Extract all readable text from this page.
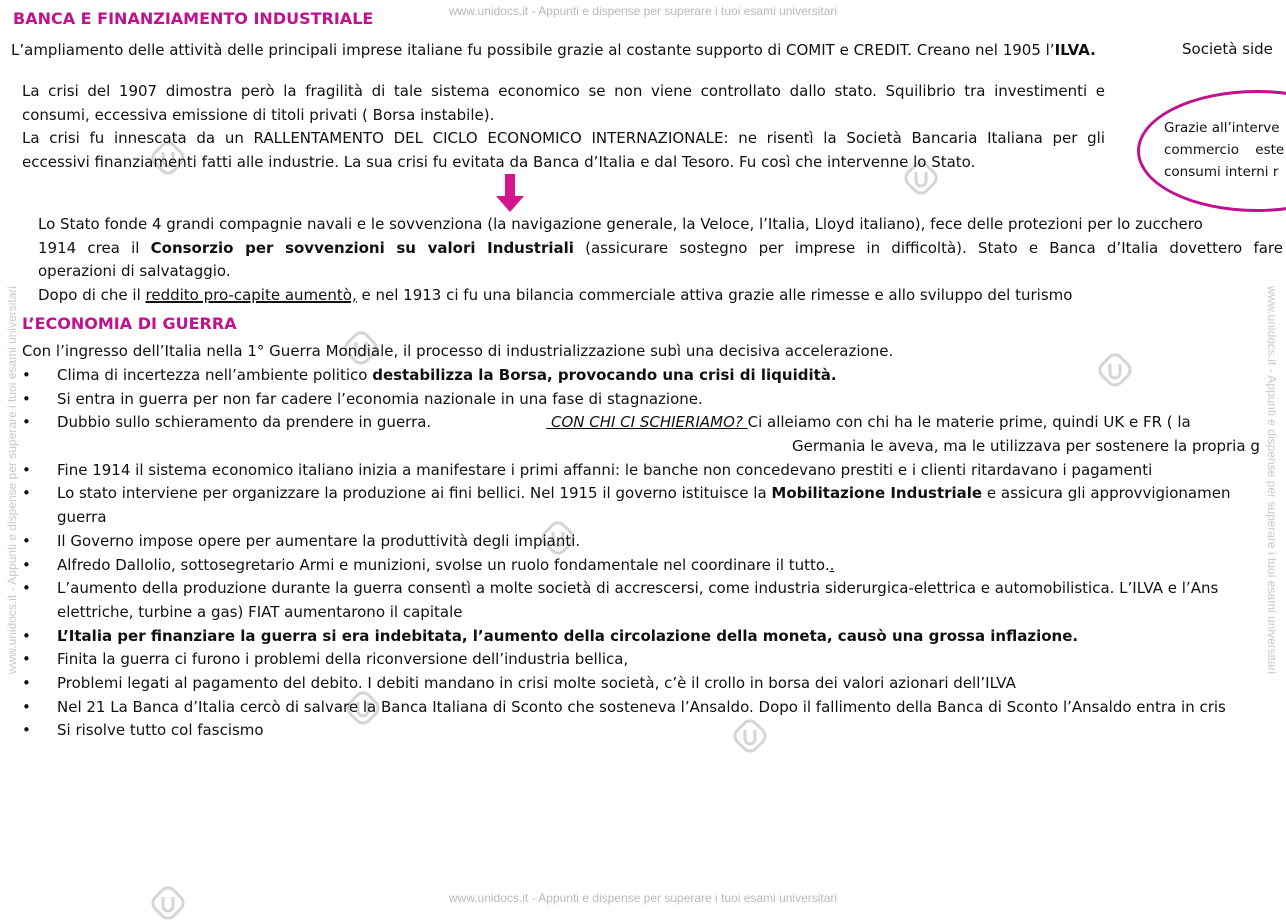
www.unidocs.it - Appunti e dispense per superare i tuoi esami universitari
www.unidocs.it - Appunti e dispense per superare i tuoi esami universitari
www.unidocs.it - Appunti e dispense per superare i tuoi esami universitari	www.unidocs.it - Appunti e dispense per superare i tuoi esami universitari
BANCA E FINANZIAMENTO INDUSTRIALE
L’ampliamento delle attività delle principali imprese italiane fu possibile grazie al costante supporto di COMIT e CREDIT. Creano nel 1905 l’ILVA.	Società side
La crisi del 1907 dimostra però la fragilità di tale sistema economico se non viene controllato dallo stato. Squilibrio tra investimenti e
consumi, eccessiva emissione di titoli privati ( Borsa instabile).
La crisi fu innescata da un RALLENTAMENTO DEL CICLO ECONOMICO INTERNAZIONALE: ne risentì la Società Bancaria Italiana per gli
eccessivi finanziamenti fatti alle industrie. La sua crisi fu evitata da Banca d’Italia e dal Tesoro. Fu così che intervenne lo Stato.
Grazie all’interve
commercio este
consumi interni r
Lo Stato fonde 4 grandi compagnie navali e le sovvenziona (la navigazione generale, la Veloce, l’Italia, Lloyd italiano), fece delle protezioni per lo zucchero
1914 crea il Consorzio per sovvenzioni su valori Industriali (assicurare sostegno per imprese in difficoltà). Stato e Banca d’Italia dovettero fare
operazioni di salvataggio.
Dopo di che il reddito pro-capite aumentò, e nel 1913 ci fu una bilancia commerciale attiva grazie alle rimesse e allo sviluppo del turismo
L’ECONOMIA DI GUERRA
Con l’ingresso dell’Italia nella 1° Guerra Mondiale, il processo di industrializzazione subì una decisiva accelerazione.
• Clima di incertezza nell’ambiente politico destabilizza la Borsa, provocando una crisi di liquidità.
• Si entra in guerra per non far cadere l’economia nazionale in una fase di stagnazione.
• Dubbio sullo schieramento da prendere in guerra.	CON CHI CI SCHIERIAMO? Ci alleiamo con chi ha le materie prime, quindi UK e FR ( la
Germania le aveva, ma le utilizzava per sostenere la propria g
• Fine 1914 il sistema economico italiano inizia a manifestare i primi affanni: le banche non concedevano prestiti e i clienti ritardavano i pagamenti
• Lo stato interviene per organizzare la produzione ai fini bellici. Nel 1915 il governo istituisce la Mobilitazione Industriale e assicura gli approvvigionamen
guerra
• Il Governo impose opere per aumentare la produttività degli impianti.
• Alfredo Dallolio, sottosegretario Armi e munizioni, svolse un ruolo fondamentale nel coordinare il tutto..
• L’aumento della produzione durante la guerra consentì a molte società di accrescersi, come industria siderurgica-elettrica e automobilistica. L’ILVA e l’Ans
elettriche, turbine a gas) FIAT aumentarono il capitale
• L’Italia per finanziare la guerra si era indebitata, l’aumento della circolazione della moneta, causò una grossa inflazione.
• Finita la guerra ci furono i problemi della riconversione dell’industria bellica,
• Problemi legati al pagamento del debito. I debiti mandano in crisi molte società, c’è il crollo in borsa dei valori azionari dell’ILVA
• Nel 21 La Banca d’Italia cercò di salvare la Banca Italiana di Sconto che sosteneva l’Ansaldo. Dopo il fallimento della Banca di Sconto l’Ansaldo entra in cris
• Si risolve tutto col fascismo
